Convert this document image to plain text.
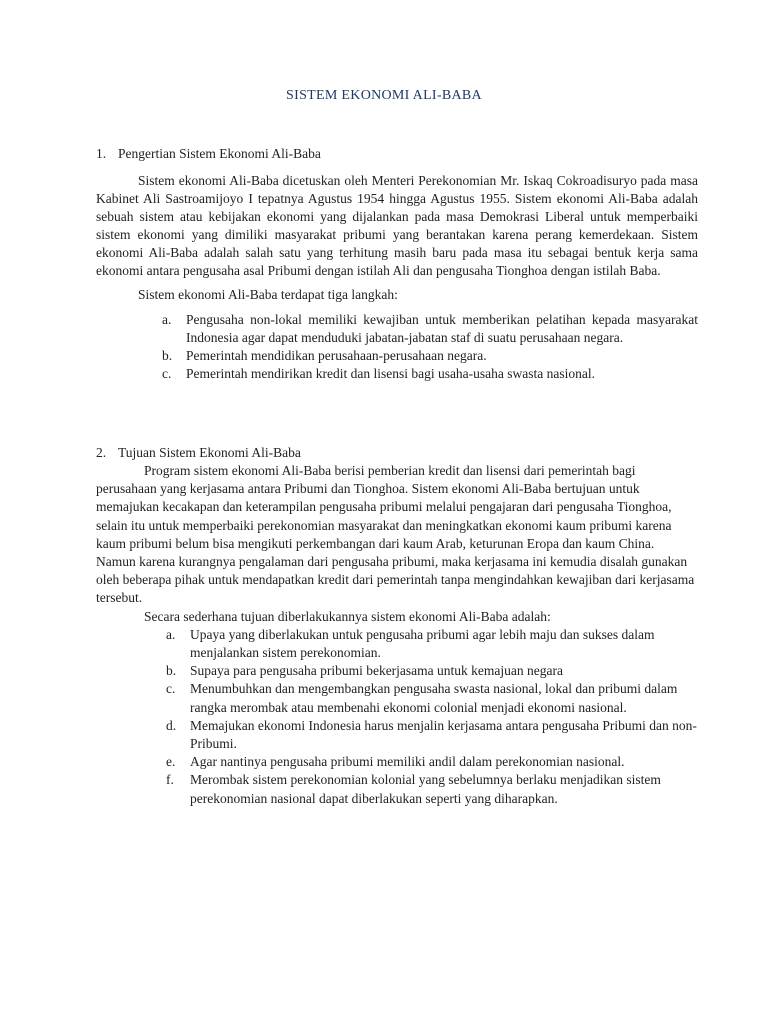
SISTEM EKONOMI ALI-BABA
1. Pengertian Sistem Ekonomi Ali-Baba
Sistem ekonomi Ali-Baba dicetuskan oleh Menteri Perekonomian Mr. Iskaq Cokroadisuryo pada masa Kabinet Ali Sastroamijoyo I tepatnya Agustus 1954 hingga Agustus 1955. Sistem ekonomi Ali-Baba adalah sebuah sistem atau kebijakan ekonomi yang dijalankan pada masa Demokrasi Liberal untuk memperbaiki sistem ekonomi yang dimiliki masyarakat pribumi yang berantakan karena perang kemerdekaan. Sistem ekonomi Ali-Baba adalah salah satu yang terhitung masih baru pada masa itu sebagai bentuk kerja sama ekonomi antara pengusaha asal Pribumi dengan istilah Ali dan pengusaha Tionghoa dengan istilah Baba.
Sistem ekonomi Ali-Baba terdapat tiga langkah:
a. Pengusaha non-lokal memiliki kewajiban untuk memberikan pelatihan kepada masyarakat Indonesia agar dapat menduduki jabatan-jabatan staf di suatu perusahaan negara.
b. Pemerintah mendidikan perusahaan-perusahaan negara.
c. Pemerintah mendirikan kredit dan lisensi bagi usaha-usaha swasta nasional.
2. Tujuan Sistem Ekonomi Ali-Baba
Program sistem ekonomi Ali-Baba berisi pemberian kredit dan lisensi dari pemerintah bagi perusahaan yang kerjasama antara Pribumi dan Tionghoa. Sistem ekonomi Ali-Baba bertujuan untuk memajukan kecakapan dan keterampilan pengusaha pribumi melalui pengajaran dari pengusaha Tionghoa, selain itu untuk memperbaiki perekonomian masyarakat dan meningkatkan ekonomi kaum pribumi karena kaum pribumi belum bisa mengikuti perkembangan dari kaum Arab, keturunan Eropa dan kaum China. Namun karena kurangnya pengalaman dari pengusaha pribumi, maka kerjasama ini kemudia disalah gunakan oleh beberapa pihak untuk mendapatkan kredit dari pemerintah tanpa mengindahkan kewajiban dari kerjasama tersebut.
Secara sederhana tujuan diberlakukannya sistem ekonomi Ali-Baba adalah:
a. Upaya yang diberlakukan untuk pengusaha pribumi agar lebih maju dan sukses dalam menjalankan sistem perekonomian.
b. Supaya para pengusaha pribumi bekerjasama untuk kemajuan negara
c. Menumbuhkan dan mengembangkan pengusaha swasta nasional, lokal dan pribumi dalam rangka merombak atau membenahi ekonomi colonial menjadi ekonomi nasional.
d. Memajukan ekonomi Indonesia harus menjalin kerjasama antara pengusaha Pribumi dan non-Pribumi.
e. Agar nantinya pengusaha pribumi memiliki andil dalam perekonomian nasional.
f. Merombak sistem perekonomian kolonial yang sebelumnya berlaku menjadikan sistem perekonomian nasional dapat diberlakukan seperti yang diharapkan.
